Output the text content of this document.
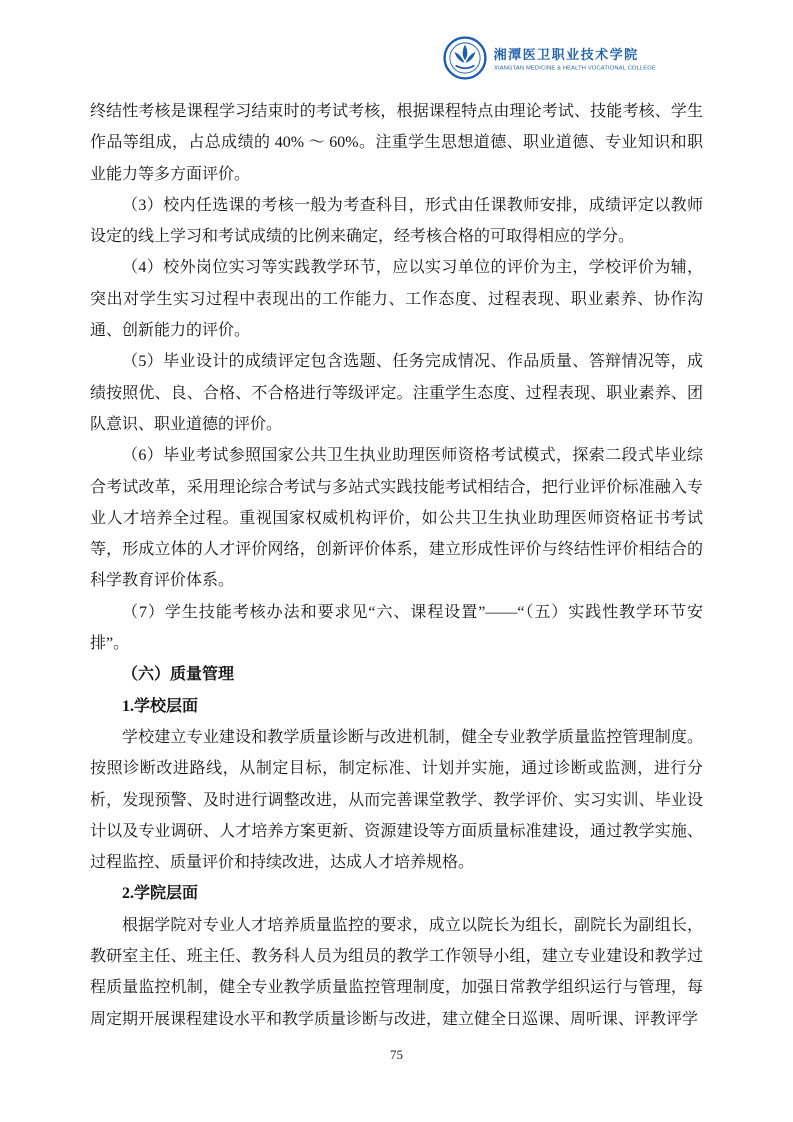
湘潭医卫职业技术学院
XIANGTAN MEDICINE & HEALTH VOCATIONAL COLLEGE

终结性考核是课程学习结束时的考试考核，根据课程特点由理论考试、技能考核、学生作品等组成，占总成绩的 40% ～ 60%。注重学生思想道德、职业道德、专业知识和职业能力等多方面评价。

（3）校内任选课的考核一般为考查科目，形式由任课教师安排，成绩评定以教师设定的线上学习和考试成绩的比例来确定，经考核合格的可取得相应的学分。

（4）校外岗位实习等实践教学环节，应以实习单位的评价为主，学校评价为辅，突出对学生实习过程中表现出的工作能力、工作态度、过程表现、职业素养、协作沟通、创新能力的评价。

（5）毕业设计的成绩评定包含选题、任务完成情况、作品质量、答辩情况等，成绩按照优、良、合格、不合格进行等级评定。注重学生态度、过程表现、职业素养、团队意识、职业道德的评价。

（6）毕业考试参照国家公共卫生执业助理医师资格考试模式，探索二段式毕业综合考试改革，采用理论综合考试与多站式实践技能考试相结合，把行业评价标准融入专业人才培养全过程。重视国家权威机构评价，如公共卫生执业助理医师资格证书考试等，形成立体的人才评价网络，创新评价体系，建立形成性评价与终结性评价相结合的科学教育评价体系。

（7）学生技能考核办法和要求见“六、课程设置”——“（五）实践性教学环节安排”。

（六）质量管理

1.学校层面

学校建立专业建设和教学质量诊断与改进机制，健全专业教学质量监控管理制度。按照诊断改进路线，从制定目标，制定标准、计划并实施，通过诊断或监测，进行分析，发现预警、及时进行调整改进，从而完善课堂教学、教学评价、实习实训、毕业设计以及专业调研、人才培养方案更新、资源建设等方面质量标准建设，通过教学实施、过程监控、质量评价和持续改进，达成人才培养规格。

2.学院层面

根据学院对专业人才培养质量监控的要求，成立以院长为组长，副院长为副组长，教研室主任、班主任、教务科人员为组员的教学工作领导小组，建立专业建设和教学过程质量监控机制，健全专业教学质量监控管理制度，加强日常教学组织运行与管理，每周定期开展课程建设水平和教学质量诊断与改进，建立健全日巡课、周听课、评教评学

75
